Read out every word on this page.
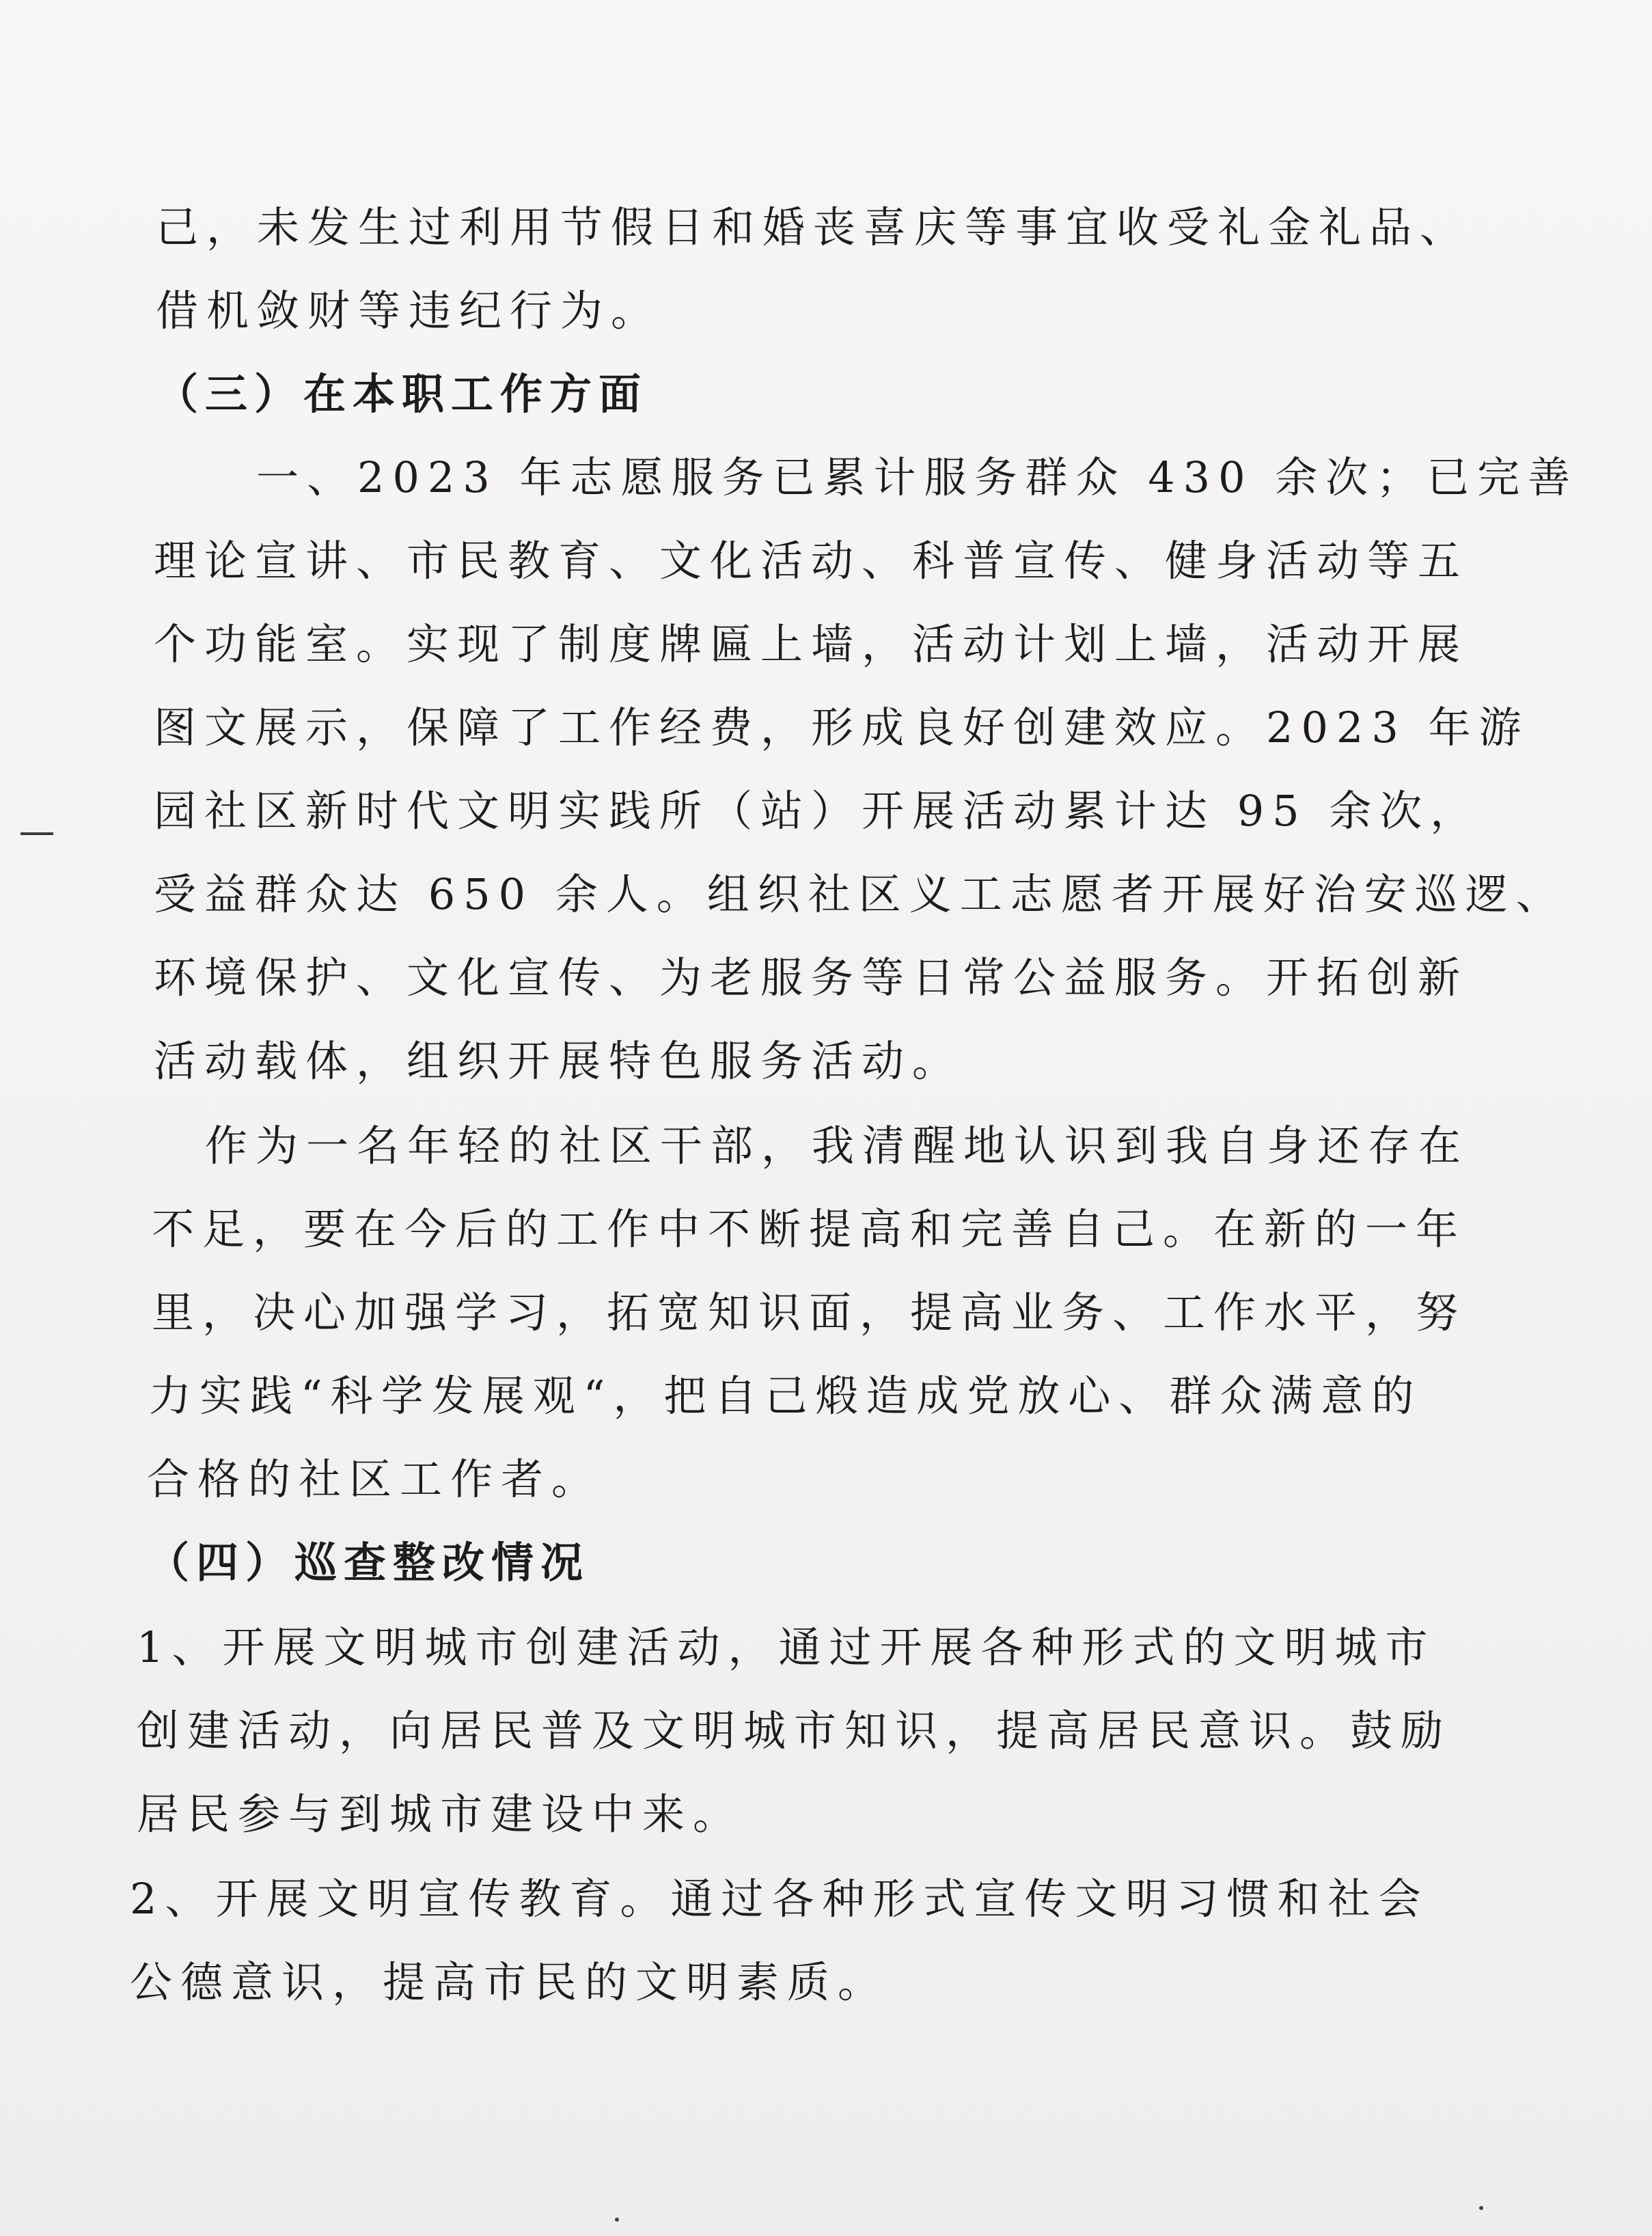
己，未发生过利用节假日和婚丧喜庆等事宜收受礼金礼品、
借机敛财等违纪行为。
（三）在本职工作方面
一、2023 年志愿服务已累计服务群众 430 余次；已完善
理论宣讲、市民教育、文化活动、科普宣传、健身活动等五
个功能室。实现了制度牌匾上墙，活动计划上墙，活动开展
图文展示，保障了工作经费，形成良好创建效应。2023 年游
园社区新时代文明实践所（站）开展活动累计达 95 余次，
受益群众达 650 余人。组织社区义工志愿者开展好治安巡逻、
环境保护、文化宣传、为老服务等日常公益服务。开拓创新
活动载体，组织开展特色服务活动。
作为一名年轻的社区干部，我清醒地认识到我自身还存在
不足，要在今后的工作中不断提高和完善自己。在新的一年
里，决心加强学习，拓宽知识面，提高业务、工作水平，努
力实践“科学发展观“，把自己煅造成党放心、群众满意的
合格的社区工作者。
（四）巡查整改情况
1、开展文明城市创建活动，通过开展各种形式的文明城市
创建活动，向居民普及文明城市知识，提高居民意识。鼓励
居民参与到城市建设中来。
2、开展文明宣传教育。通过各种形式宣传文明习惯和社会
公德意识，提高市民的文明素质。
